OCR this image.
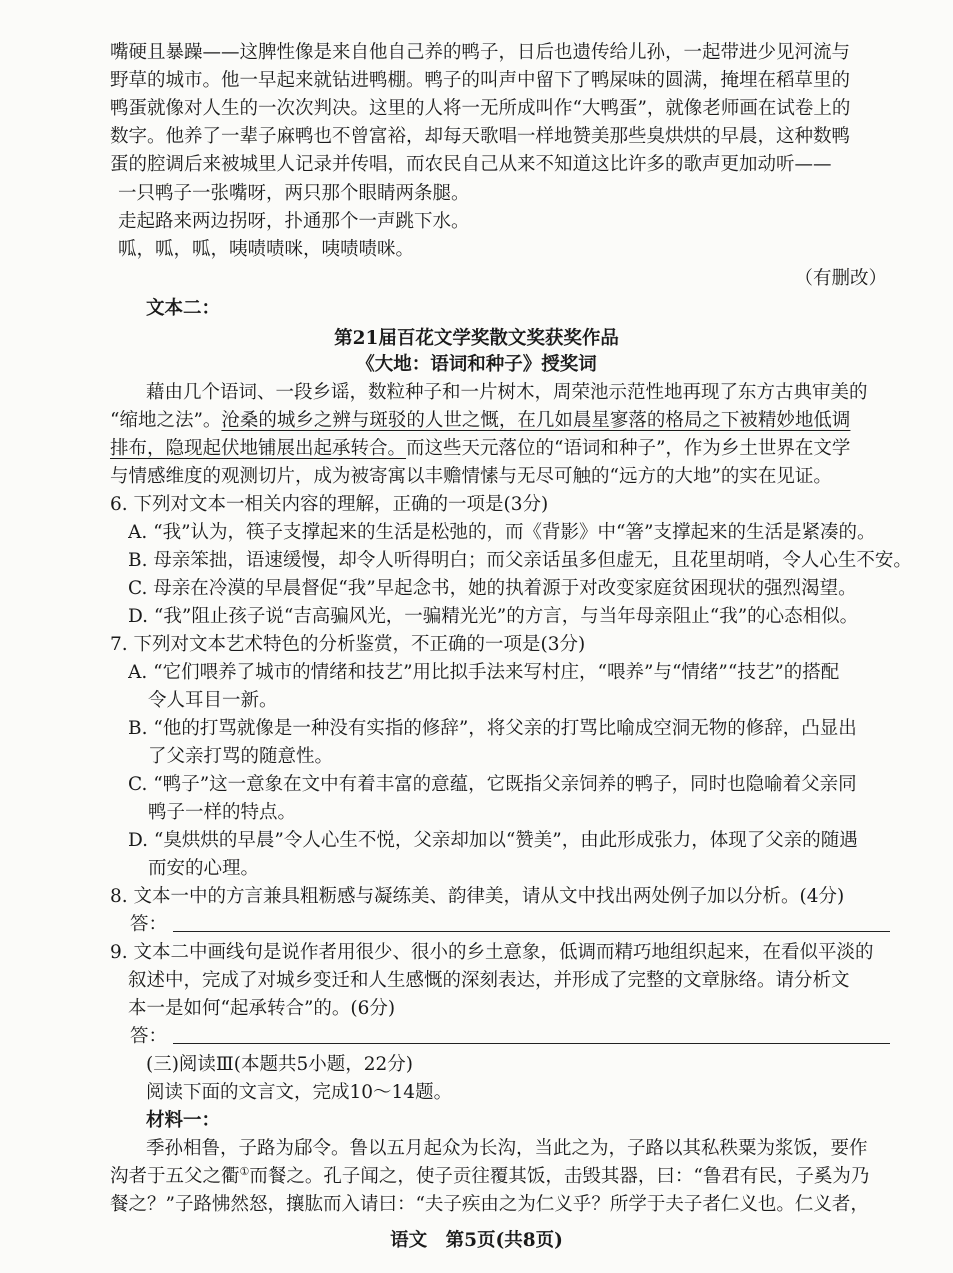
嘴硬且暴躁——这脾性像是来自他自己养的鸭子，日后也遗传给儿孙，一起带进少见河流与
野草的城市。他一早起来就钻进鸭棚。鸭子的叫声中留下了鸭屎味的圆满，掩埋在稻草里的
鸭蛋就像对人生的一次次判决。这里的人将一无所成叫作“大鸭蛋”，就像老师画在试卷上的
数字。他养了一辈子麻鸭也不曾富裕，却每天歌唱一样地赞美那些臭烘烘的早晨，这种数鸭
蛋的腔调后来被城里人记录并传唱，而农民自己从来不知道这比许多的歌声更加动听——
一只鸭子一张嘴呀，两只那个眼睛两条腿。
走起路来两边拐呀，扑通那个一声跳下水。
呱，呱，呱，咦啧啧咪，咦啧啧咪。
（有删改）
文本二：
第21届百花文学奖散文奖获奖作品
《大地：语词和种子》授奖词
藉由几个语词、一段乡谣，数粒种子和一片树木，周荣池示范性地再现了东方古典审美的
“缩地之法”。沧桑的城乡之辨与斑驳的人世之慨，在几如晨星寥落的格局之下被精妙地低调
排布，隐现起伏地铺展出起承转合。而这些天元落位的“语词和种子”，作为乡土世界在文学
与情感维度的观测切片，成为被寄寓以丰赡情愫与无尽可触的“远方的大地”的实在见证。
6. 下列对文本一相关内容的理解，正确的一项是(3分)
A. “我”认为，筷子支撑起来的生活是松弛的，而《背影》中“箸”支撑起来的生活是紧凑的。
B. 母亲笨拙，语速缓慢，却令人听得明白；而父亲话虽多但虚无，且花里胡哨，令人心生不安。
C. 母亲在冷漠的早晨督促“我”早起念书，她的执着源于对改变家庭贫困现状的强烈渴望。
D. “我”阻止孩子说“吉高骗风光，一骗精光光”的方言，与当年母亲阻止“我”的心态相似。
7. 下列对文本艺术特色的分析鉴赏，不正确的一项是(3分)
A. “它们喂养了城市的情绪和技艺”用比拟手法来写村庄，“喂养”与“情绪”“技艺”的搭配
令人耳目一新。
B. “他的打骂就像是一种没有实指的修辞”，将父亲的打骂比喻成空洞无物的修辞，凸显出
了父亲打骂的随意性。
C. “鸭子”这一意象在文中有着丰富的意蕴，它既指父亲饲养的鸭子，同时也隐喻着父亲同
鸭子一样的特点。
D. “臭烘烘的早晨”令人心生不悦，父亲却加以“赞美”，由此形成张力，体现了父亲的随遇
而安的心理。
8. 文本一中的方言兼具粗粝感与凝练美、韵律美，请从文中找出两处例子加以分析。(4分)
答：
9. 文本二中画线句是说作者用很少、很小的乡土意象，低调而精巧地组织起来，在看似平淡的
叙述中，完成了对城乡变迁和人生感慨的深刻表达，并形成了完整的文章脉络。请分析文
本一是如何“起承转合”的。(6分)
答：
(三)阅读Ⅲ(本题共5小题，22分)
阅读下面的文言文，完成10～14题。
材料一：
季孙相鲁，子路为郈令。鲁以五月起众为长沟，当此之为，子路以其私秩粟为浆饭，要作
沟者于五父之衢①而餐之。孔子闻之，使子贡往覆其饭，击毁其器，曰：“鲁君有民，子奚为乃
餐之？”子路怫然怒，攘肱而入请曰：“夫子疾由之为仁义乎？所学于夫子者仁义也。仁义者，
语文　第5页(共8页)
